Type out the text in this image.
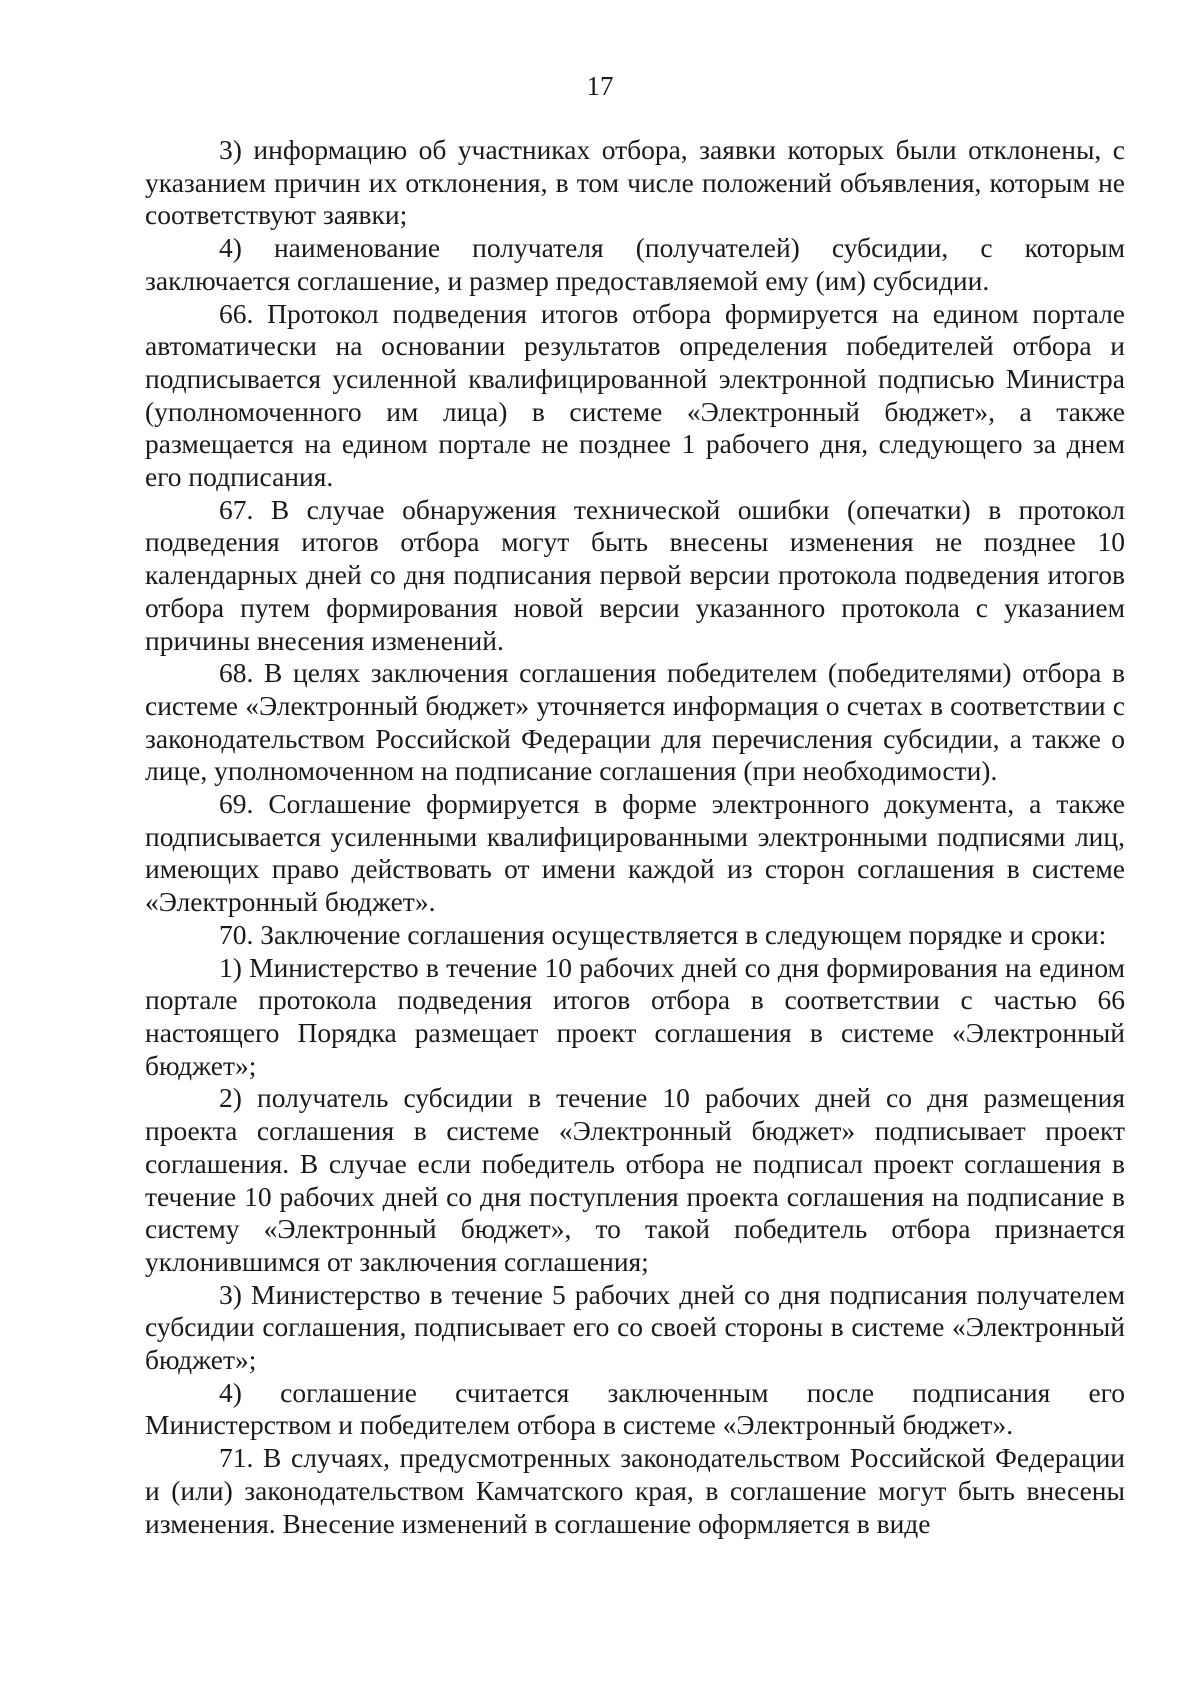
17

3) информацию об участниках отбора, заявки которых были отклонены, с указанием причин их отклонения, в том числе положений объявления, которым не соответствуют заявки;

4) наименование получателя (получателей) субсидии, с которым заключается соглашение, и размер предоставляемой ему (им) субсидии.

66. Протокол подведения итогов отбора формируется на едином портале автоматически на основании результатов определения победителей отбора и подписывается усиленной квалифицированной электронной подписью Министра (уполномоченного им лица) в системе «Электронный бюджет», а также размещается на едином портале не позднее 1 рабочего дня, следующего за днем его подписания.

67. В случае обнаружения технической ошибки (опечатки) в протокол подведения итогов отбора могут быть внесены изменения не позднее 10 календарных дней со дня подписания первой версии протокола подведения итогов отбора путем формирования новой версии указанного протокола с указанием причины внесения изменений.

68. В целях заключения соглашения победителем (победителями) отбора в системе «Электронный бюджет» уточняется информация о счетах в соответствии с законодательством Российской Федерации для перечисления субсидии, а также о лице, уполномоченном на подписание соглашения (при необходимости).

69. Соглашение формируется в форме электронного документа, а также подписывается усиленными квалифицированными электронными подписями лиц, имеющих право действовать от имени каждой из сторон соглашения в системе «Электронный бюджет».

70. Заключение соглашения осуществляется в следующем порядке и сроки:

1) Министерство в течение 10 рабочих дней со дня формирования на едином портале протокола подведения итогов отбора в соответствии с частью 66 настоящего Порядка размещает проект соглашения в системе «Электронный бюджет»;

2) получатель субсидии в течение 10 рабочих дней со дня размещения проекта соглашения в системе «Электронный бюджет» подписывает проект соглашения. В случае если победитель отбора не подписал проект соглашения в течение 10 рабочих дней со дня поступления проекта соглашения на подписание в систему «Электронный бюджет», то такой победитель отбора признается уклонившимся от заключения соглашения;

3) Министерство в течение 5 рабочих дней со дня подписания получателем субсидии соглашения, подписывает его со своей стороны в системе «Электронный бюджет»;

4) соглашение считается заключенным после подписания его Министерством и победителем отбора в системе «Электронный бюджет».

71. В случаях, предусмотренных законодательством Российской Федерации и (или) законодательством Камчатского края, в соглашение могут быть внесены изменения. Внесение изменений в соглашение оформляется в виде
